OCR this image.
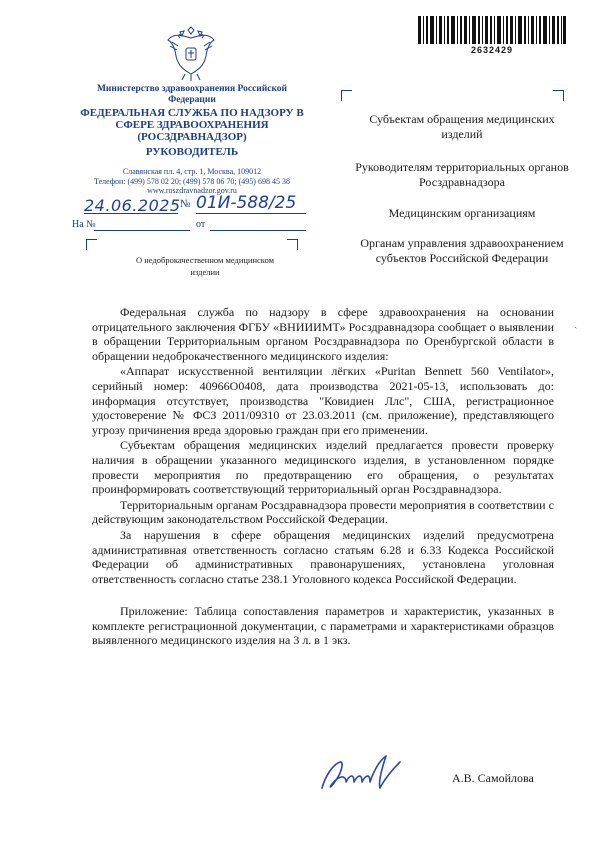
2632429
Министерство здравоохранения Российской Федерации
ФЕДЕРАЛЬНАЯ СЛУЖБА ПО НАДЗОРУ В СФЕРЕ ЗДРАВООХРАНЕНИЯ (РОСЗДРАВНАДЗОР)
РУКОВОДИТЕЛЬ
Славянская пл. 4, стр. 1, Москва, 109012
Телефон: (499) 578 02 20; (499) 578 06 70; (495) 698 45 38
www.roszdravnadzor.gov.ru
24.06.2025 № 01И-588/25
На №	от
О недоброкачественном медицинском изделии
Субъектам обращения медицинских изделий
Руководителям территориальных органов Росздравнадзора
Медицинским организациям
Органам управления здравоохранением субъектов Российской Федерации
ˎ

Федеральная служба по надзору в сфере здравоохранения на основании отрицательного заключения ФГБУ «ВНИИИМТ» Росздравнадзора сообщает о выявлении в обращении Территориальным органом Росздравнадзора по Оренбургской области в обращении недоброкачественного медицинского изделия:

«Аппарат искусственной вентиляции лёгких «Puritan Bennett 560 Ventilator», серийный номер: 40966O0408, дата производства 2021-05-13, использовать до: информация отсутствует, производства "Ковидиен Ллс", США, регистрационное удостоверение № ФСЗ 2011/09310 от 23.03.2011 (см. приложение), представляющего угрозу причинения вреда здоровью граждан при его применении.

Субъектам обращения медицинских изделий предлагается провести проверку наличия в обращении указанного медицинского изделия, в установленном порядке провести мероприятия по предотвращению его обращения, о результатах проинформировать соответствующий территориальный орган Росздравнадзора.

Территориальным органам Росздравнадзора провести мероприятия в соответствии с действующим законодательством Российской Федерации.

За нарушения в сфере обращения медицинских изделий предусмотрена административная ответственность согласно статьям 6.28 и 6.33 Кодекса Российской Федерации об административных правонарушениях, установлена уголовная ответственность согласно статье 238.1 Уголовного кодекса Российской Федерации.

Приложение: Таблица сопоставления параметров и характеристик, указанных в комплекте регистрационной документации, с параметрами и характеристиками образцов выявленного медицинского изделия на 3 л. в 1 экз.

А.В. Самойлова
